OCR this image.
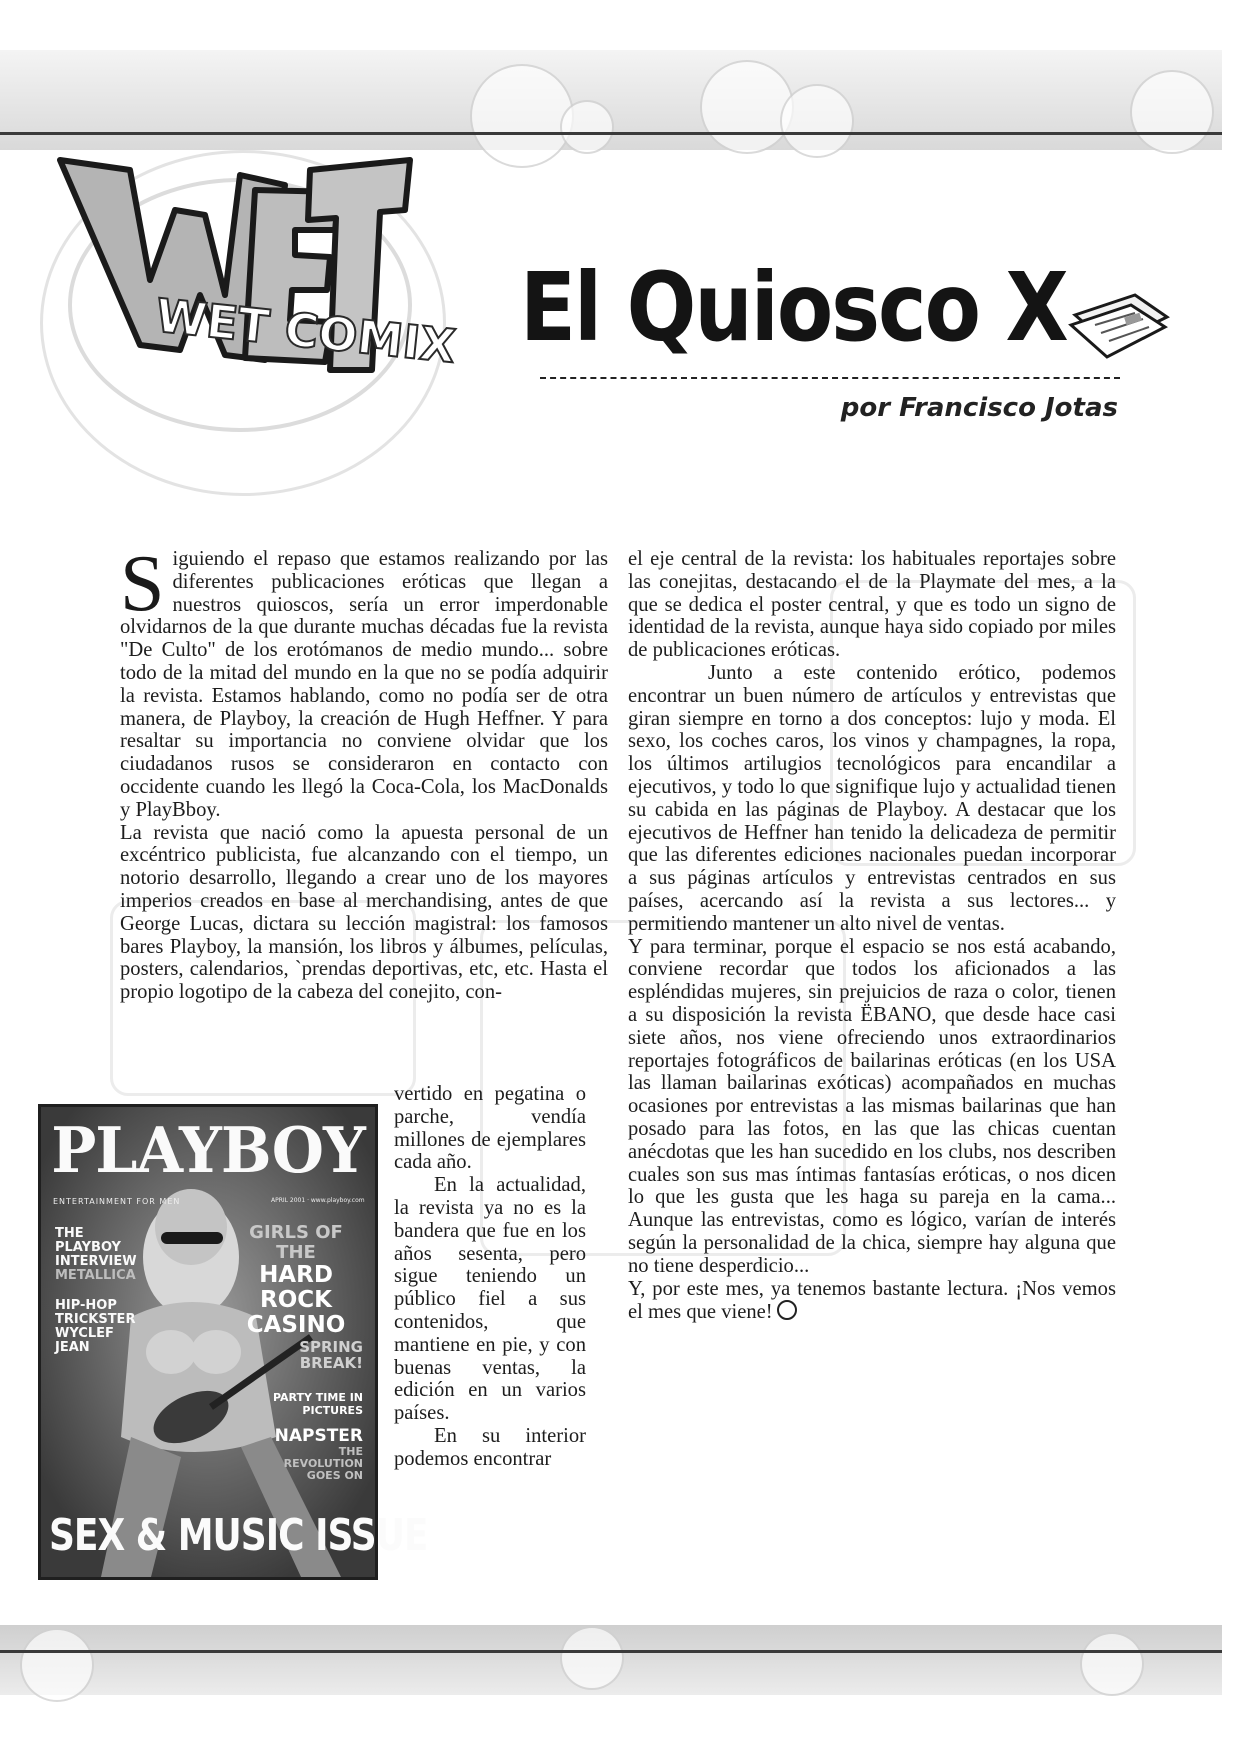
WET COMIX El Quiosco X
por Francisco Jotas
S iguiendo el repaso que estamos realizando por las diferentes publicaciones eróticas que llegan a nuestros quioscos, sería un error imperdonable olvidarnos de la que durante muchas décadas fue la revista "De Culto" de los erotómanos de medio mundo... sobre todo de la mitad del mundo en la que no se podía adquirir la revista. Estamos hablando, como no podía ser de otra manera, de Playboy, la creación de Hugh Heffner. Y para resaltar su importancia no conviene olvidar que los ciudadanos rusos se consideraron en contacto con occidente cuando les llegó la Coca-Cola, los MacDonalds y PlayBboy.

La revista que nació como la apuesta personal de un excéntrico publicista, fue alcanzando con el tiempo, un notorio desarrollo, llegando a crear uno de los mayores imperios creados en base al merchandising, antes de que George Lucas, dictara su lección magistral: los famosos bares Playboy, la mansión, los libros y álbumes, películas, posters, calendarios, `prendas deportivas, etc, etc. Hasta el propio logotipo de la cabeza del conejito, con-

vertido en pegatina o parche, vendía millones de ejemplares cada año.

En la actualidad, la revista ya no es la bandera que fue en los años sesenta, pero sigue teniendo un público fiel a sus contenidos, que mantiene en pie, y con buenas ventas, la edición en un varios países.

En su interior podemos encontrar

el eje central de la revista: los habituales reportajes sobre las conejitas, destacando el de la Playmate del mes, a la que se dedica el poster central, y que es todo un signo de identidad de la revista, aunque haya sido copiado por miles de publicaciones eróticas.

Junto a este contenido erótico, podemos encontrar un buen número de artículos y entrevistas que giran siempre en torno a dos conceptos: lujo y moda. El sexo, los coches caros, los vinos y champagnes, la ropa, los últimos artilugios tecnológicos para encandilar a ejecutivos, y todo lo que signifique lujo y actualidad tienen su cabida en las páginas de Playboy. A destacar que los ejecutivos de Heffner han tenido la delicadeza de permitir que las diferentes ediciones nacionales puedan incorporar a sus páginas artículos y entrevistas centrados en sus países, acercando así la revista a sus lectores... y permitiendo mantener un alto nivel de ventas.

Y para terminar, porque el espacio se nos está acabando, conviene recordar que todos los aficionados a las espléndidas mujeres, sin prejuicios de raza o color, tienen a su disposición la revista ËBANO, que desde hace casi siete años, nos viene ofreciendo unos extraordinarios reportajes fotográficos de bailarinas eróticas (en los USA las llaman bailarinas exóticas) acompañados en muchas ocasiones por entrevistas a las mismas bailarinas que han posado para las fotos, en las que las chicas cuentan anécdotas que les han sucedido en los clubs, nos describen cuales son sus mas íntimas fantasías eróticas, o nos dicen lo que les gusta que les haga su pareja en la cama... Aunque las entrevistas, como es lógico, varían de interés según la personalidad de la chica, siempre hay alguna que no tiene desperdicio...

Y, por este mes, ya tenemos bastante lectura. ¡Nos vemos el mes que viene!

PLAYBOY
ENTERTAINMENT FOR MEN	APRIL 2001 · www.playboy.com
THE
PLAYBOY
INTERVIEW
METALLICA
HIP-HOP
TRICKSTER
WYCLEF
JEAN
GIRLS OF THE
HARD ROCK CASINO
SPRING BREAK!
PARTY TIME IN PICTURES
NAPSTER
THE REVOLUTION GOES ON
SEX & MUSIC ISSUE
